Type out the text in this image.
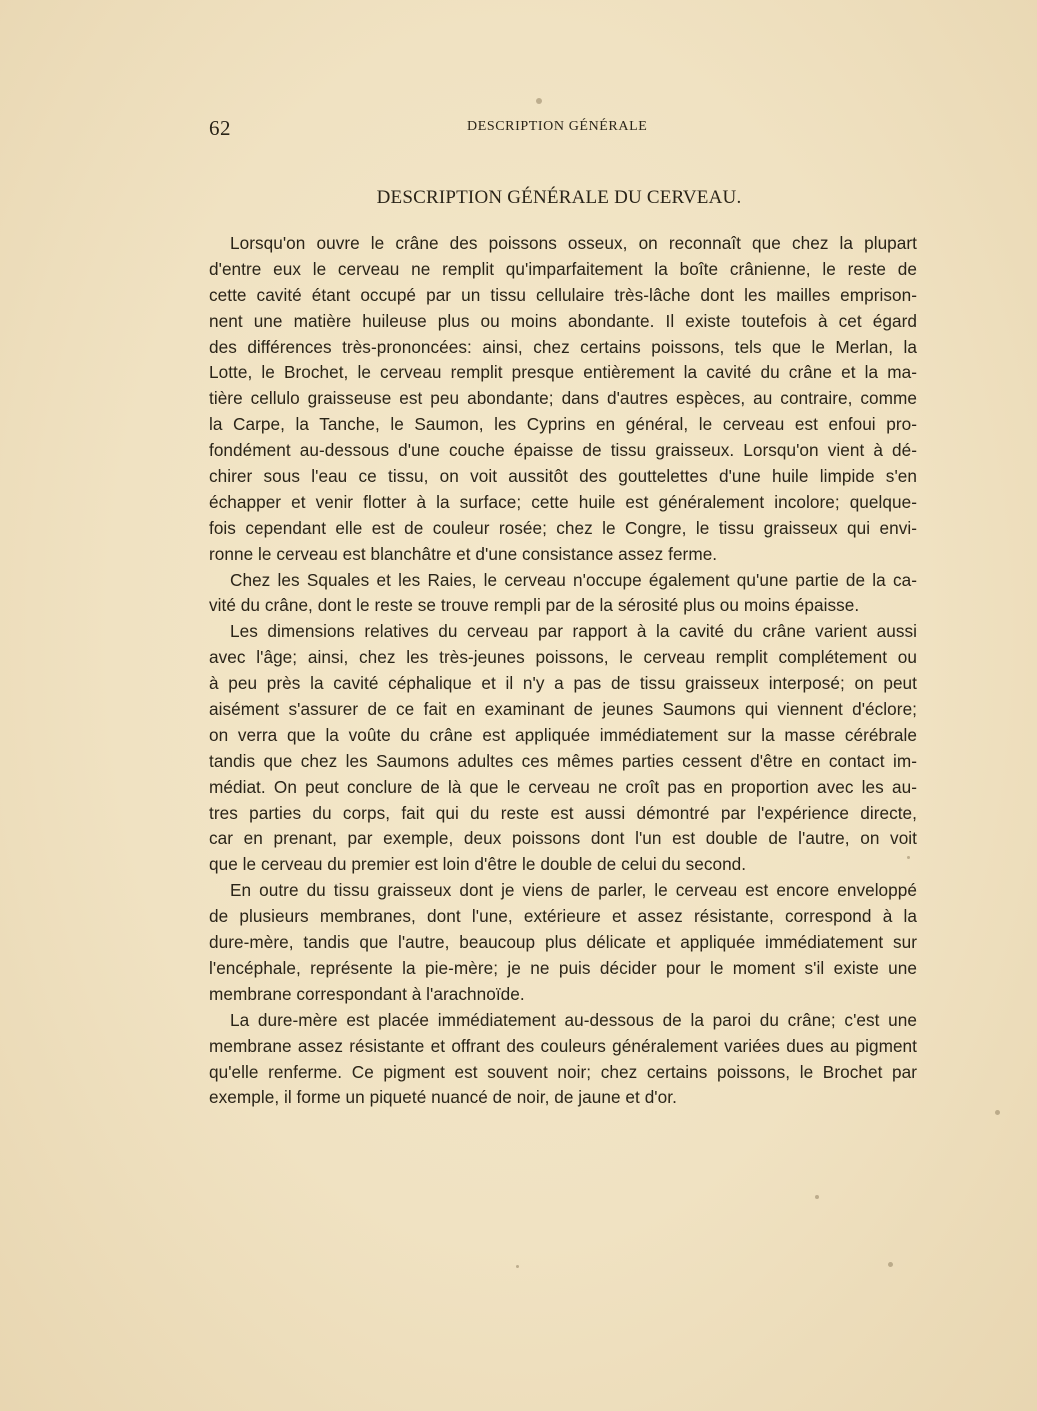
62	DESCRIPTION GÉNÉRALE
DESCRIPTION GÉNÉRALE DU CERVEAU.
Lorsqu'on ouvre le crâne des poissons osseux, on reconnaît que chez la plupart
d'entre eux le cerveau ne remplit qu'imparfaitement la boîte crânienne, le reste de
cette cavité étant occupé par un tissu cellulaire très-lâche dont les mailles emprison-
nent une matière huileuse plus ou moins abondante. Il existe toutefois à cet égard
des différences très-prononcées: ainsi, chez certains poissons, tels que le Merlan, la
Lotte, le Brochet, le cerveau remplit presque entièrement la cavité du crâne et la ma-
tière cellulo graisseuse est peu abondante; dans d'autres espèces, au contraire, comme
la Carpe, la Tanche, le Saumon, les Cyprins en général, le cerveau est enfoui pro-
fondément au-dessous d'une couche épaisse de tissu graisseux. Lorsqu'on vient à dé-
chirer sous l'eau ce tissu, on voit aussitôt des gouttelettes d'une huile limpide s'en
échapper et venir flotter à la surface; cette huile est généralement incolore; quelque-
fois cependant elle est de couleur rosée; chez le Congre, le tissu graisseux qui envi-
ronne le cerveau est blanchâtre et d'une consistance assez ferme.
Chez les Squales et les Raies, le cerveau n'occupe également qu'une partie de la ca-
vité du crâne, dont le reste se trouve rempli par de la sérosité plus ou moins épaisse.
Les dimensions relatives du cerveau par rapport à la cavité du crâne varient aussi
avec l'âge; ainsi, chez les très-jeunes poissons, le cerveau remplit complétement ou
à peu près la cavité céphalique et il n'y a pas de tissu graisseux interposé; on peut
aisément s'assurer de ce fait en examinant de jeunes Saumons qui viennent d'éclore;
on verra que la voûte du crâne est appliquée immédiatement sur la masse cérébrale
tandis que chez les Saumons adultes ces mêmes parties cessent d'être en contact im-
médiat. On peut conclure de là que le cerveau ne croît pas en proportion avec les au-
tres parties du corps, fait qui du reste est aussi démontré par l'expérience directe,
car en prenant, par exemple, deux poissons dont l'un est double de l'autre, on voit
que le cerveau du premier est loin d'être le double de celui du second.
En outre du tissu graisseux dont je viens de parler, le cerveau est encore enveloppé
de plusieurs membranes, dont l'une, extérieure et assez résistante, correspond à la
dure-mère, tandis que l'autre, beaucoup plus délicate et appliquée immédiatement sur
l'encéphale, représente la pie-mère; je ne puis décider pour le moment s'il existe une
membrane correspondant à l'arachnoïde.
La dure-mère est placée immédiatement au-dessous de la paroi du crâne; c'est une
membrane assez résistante et offrant des couleurs généralement variées dues au pigment
qu'elle renferme. Ce pigment est souvent noir; chez certains poissons, le Brochet par
exemple, il forme un piqueté nuancé de noir, de jaune et d'or.
